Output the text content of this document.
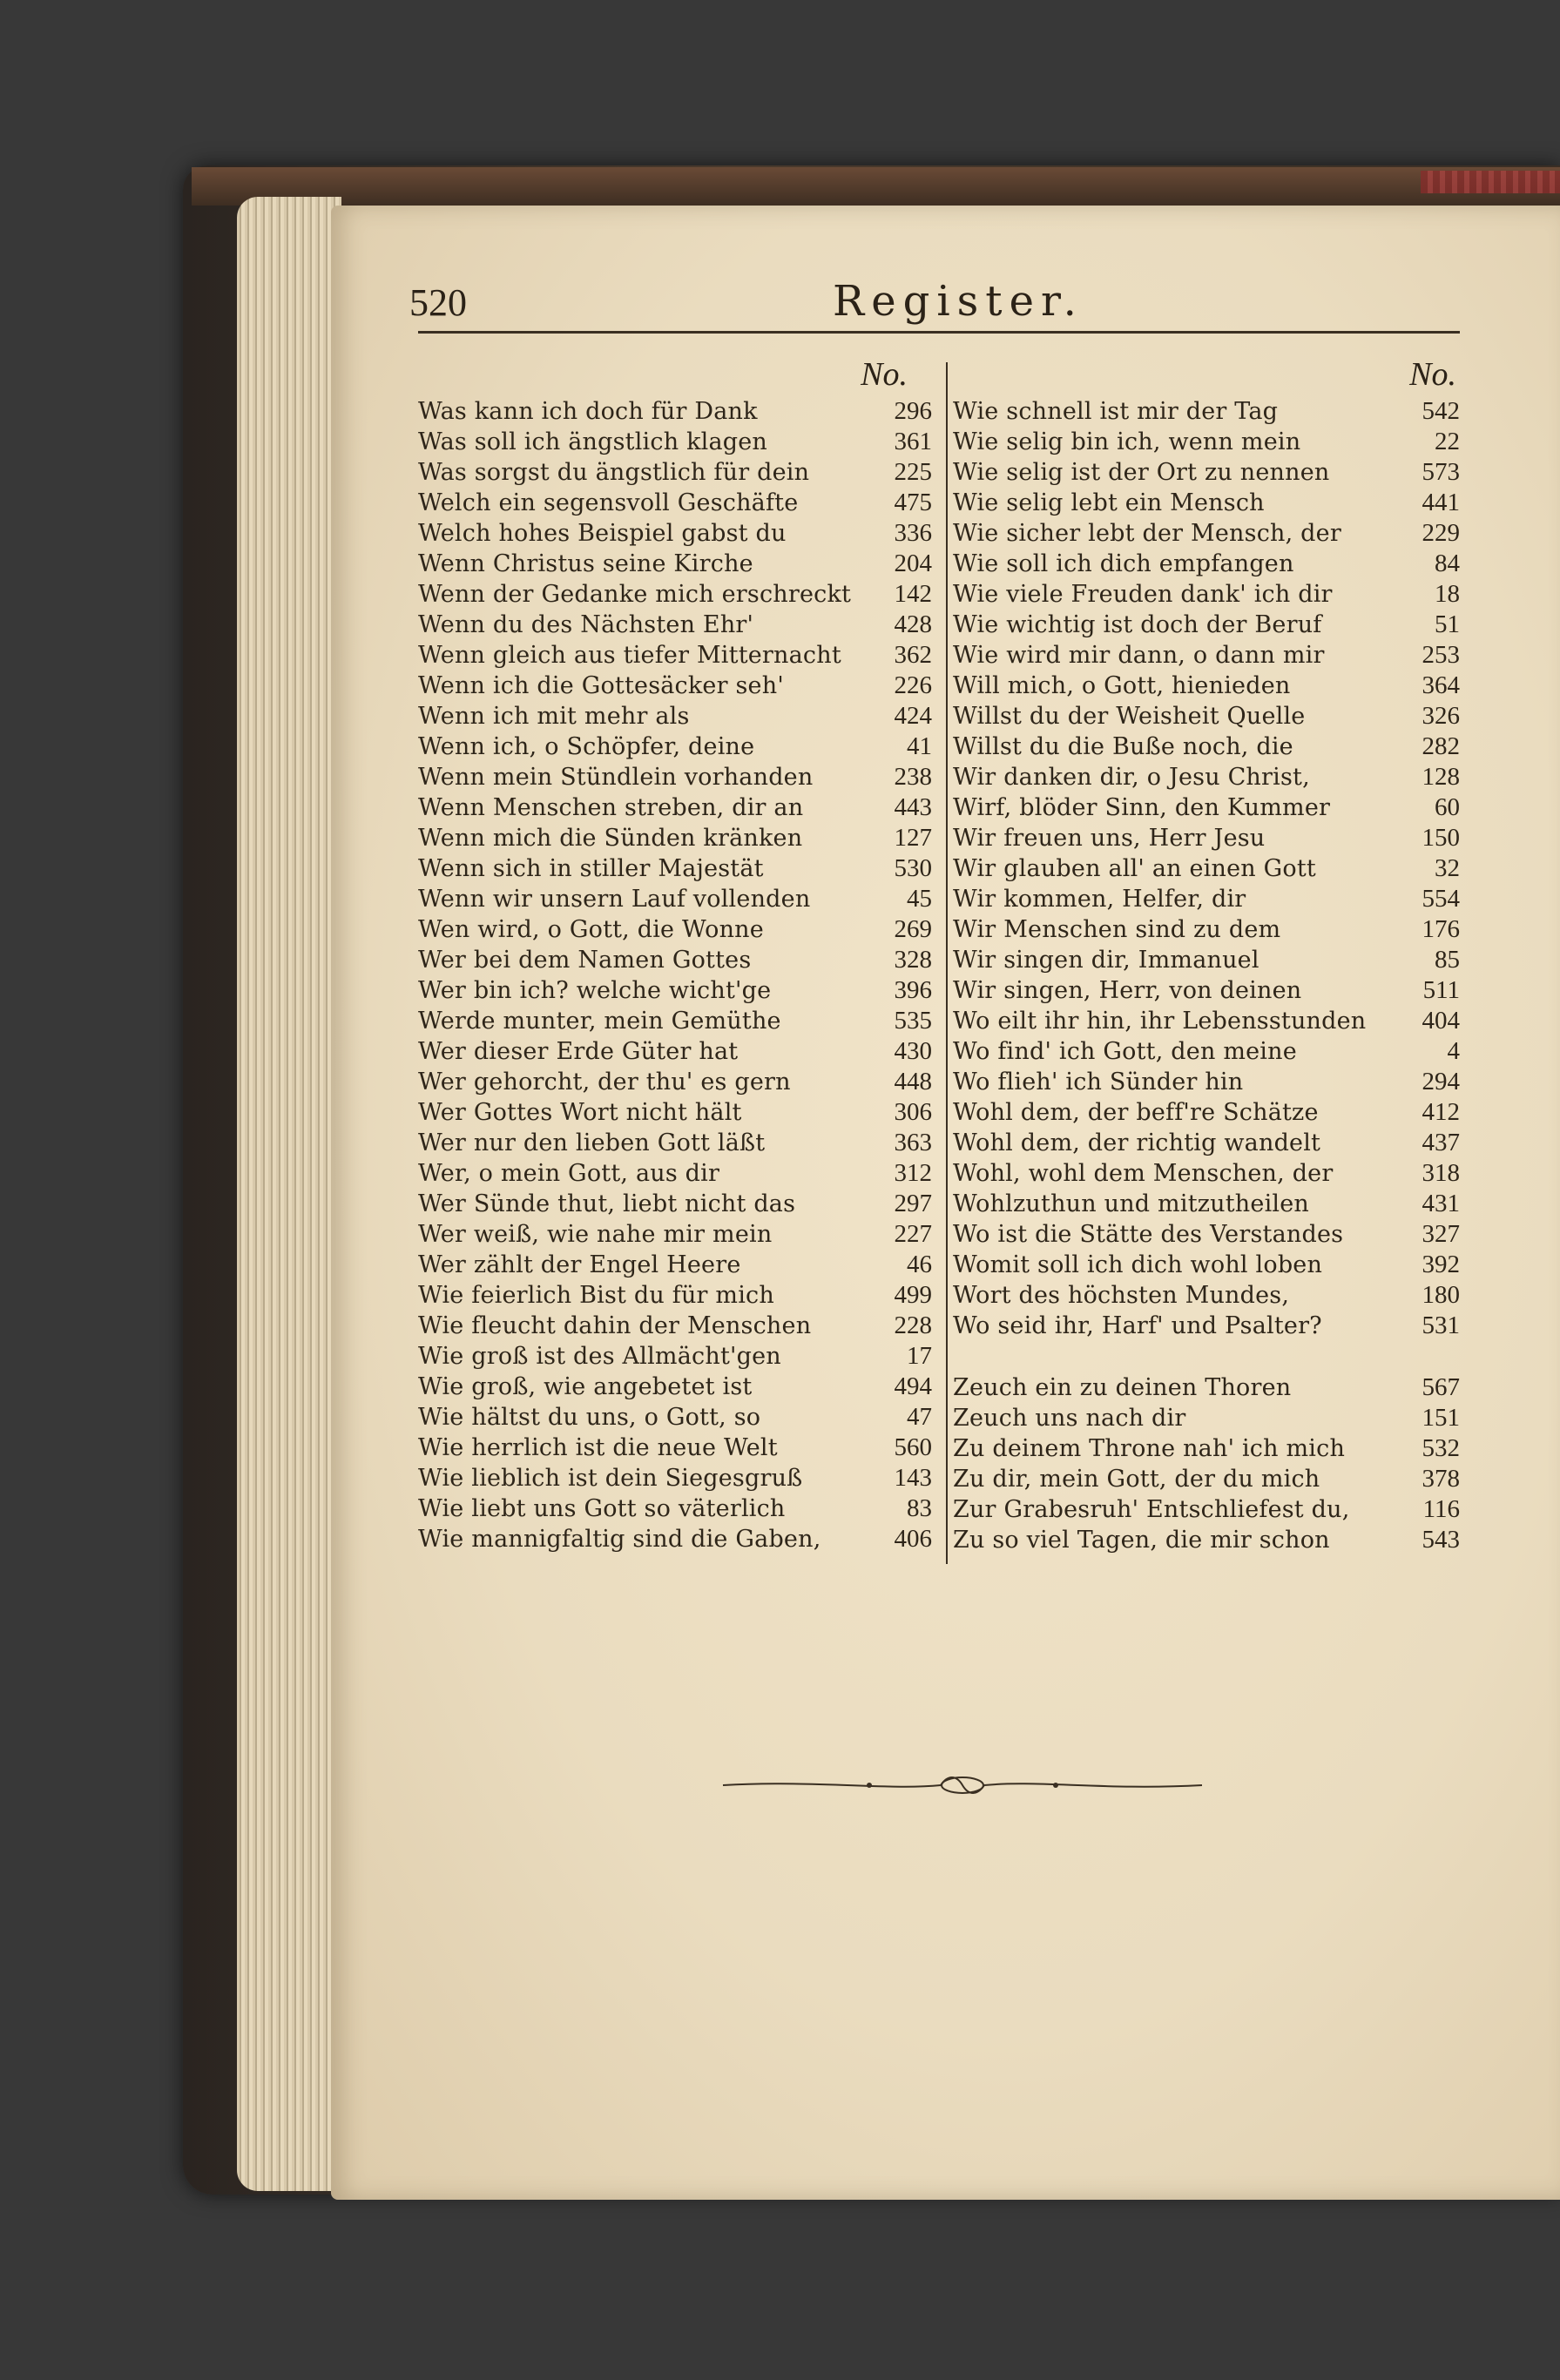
520	Register.
No.
Was kann ich doch für Dank	296
Was soll ich ängstlich klagen	361
Was sorgst du ängstlich für dein	225
Welch ein segensvoll Geschäfte	475
Welch hohes Beispiel gabst du	336
Wenn Christus seine Kirche	204
Wenn der Gedanke mich erschreckt	142
Wenn du des Nächsten Ehr'	428
Wenn gleich aus tiefer Mitternacht	362
Wenn ich die Gottesäcker seh'	226
Wenn ich mit mehr als	424
Wenn ich, o Schöpfer, deine	41
Wenn mein Stündlein vorhanden	238
Wenn Menschen streben, dir an	443
Wenn mich die Sünden kränken	127
Wenn sich in stiller Majestät	530
Wenn wir unsern Lauf vollenden	45
Wen wird, o Gott, die Wonne	269
Wer bei dem Namen Gottes	328
Wer bin ich? welche wicht'ge	396
Werde munter, mein Gemüthe	535
Wer dieser Erde Güter hat	430
Wer gehorcht, der thu' es gern	448
Wer Gottes Wort nicht hält	306
Wer nur den lieben Gott läßt	363
Wer, o mein Gott, aus dir	312
Wer Sünde thut, liebt nicht das	297
Wer weiß, wie nahe mir mein	227
Wer zählt der Engel Heere	46
Wie feierlich Bist du für mich	499
Wie fleucht dahin der Menschen	228
Wie groß ist des Allmächt'gen	17
Wie groß, wie angebetet ist	494
Wie hältst du uns, o Gott, so	47
Wie herrlich ist die neue Welt	560
Wie lieblich ist dein Siegesgruß	143
Wie liebt uns Gott so väterlich	83
Wie mannigfaltig sind die Gaben,	406
No.
Wie schnell ist mir der Tag	542
Wie selig bin ich, wenn mein	22
Wie selig ist der Ort zu nennen	573
Wie selig lebt ein Mensch	441
Wie sicher lebt der Mensch, der	229
Wie soll ich dich empfangen	84
Wie viele Freuden dank' ich dir	18
Wie wichtig ist doch der Beruf	51
Wie wird mir dann, o dann mir	253
Will mich, o Gott, hienieden	364
Willst du der Weisheit Quelle	326
Willst du die Buße noch, die	282
Wir danken dir, o Jesu Christ,	128
Wirf, blöder Sinn, den Kummer	60
Wir freuen uns, Herr Jesu	150
Wir glauben all' an einen Gott	32
Wir kommen, Helfer, dir	554
Wir Menschen sind zu dem	176
Wir singen dir, Immanuel	85
Wir singen, Herr, von deinen	511
Wo eilt ihr hin, ihr Lebensstunden	404
Wo find' ich Gott, den meine	4
Wo flieh' ich Sünder hin	294
Wohl dem, der beff're Schätze	412
Wohl dem, der richtig wandelt	437
Wohl, wohl dem Menschen, der	318
Wohlzuthun und mitzutheilen	431
Wo ist die Stätte des Verstandes	327
Womit soll ich dich wohl loben	392
Wort des höchsten Mundes,	180
Wo seid ihr, Harf' und Psalter?	531
Zeuch ein zu deinen Thoren	567
Zeuch uns nach dir	151
Zu deinem Throne nah' ich mich	532
Zu dir, mein Gott, der du mich	378
Zur Grabesruh' Entschliefest du,	116
Zu so viel Tagen, die mir schon	543
